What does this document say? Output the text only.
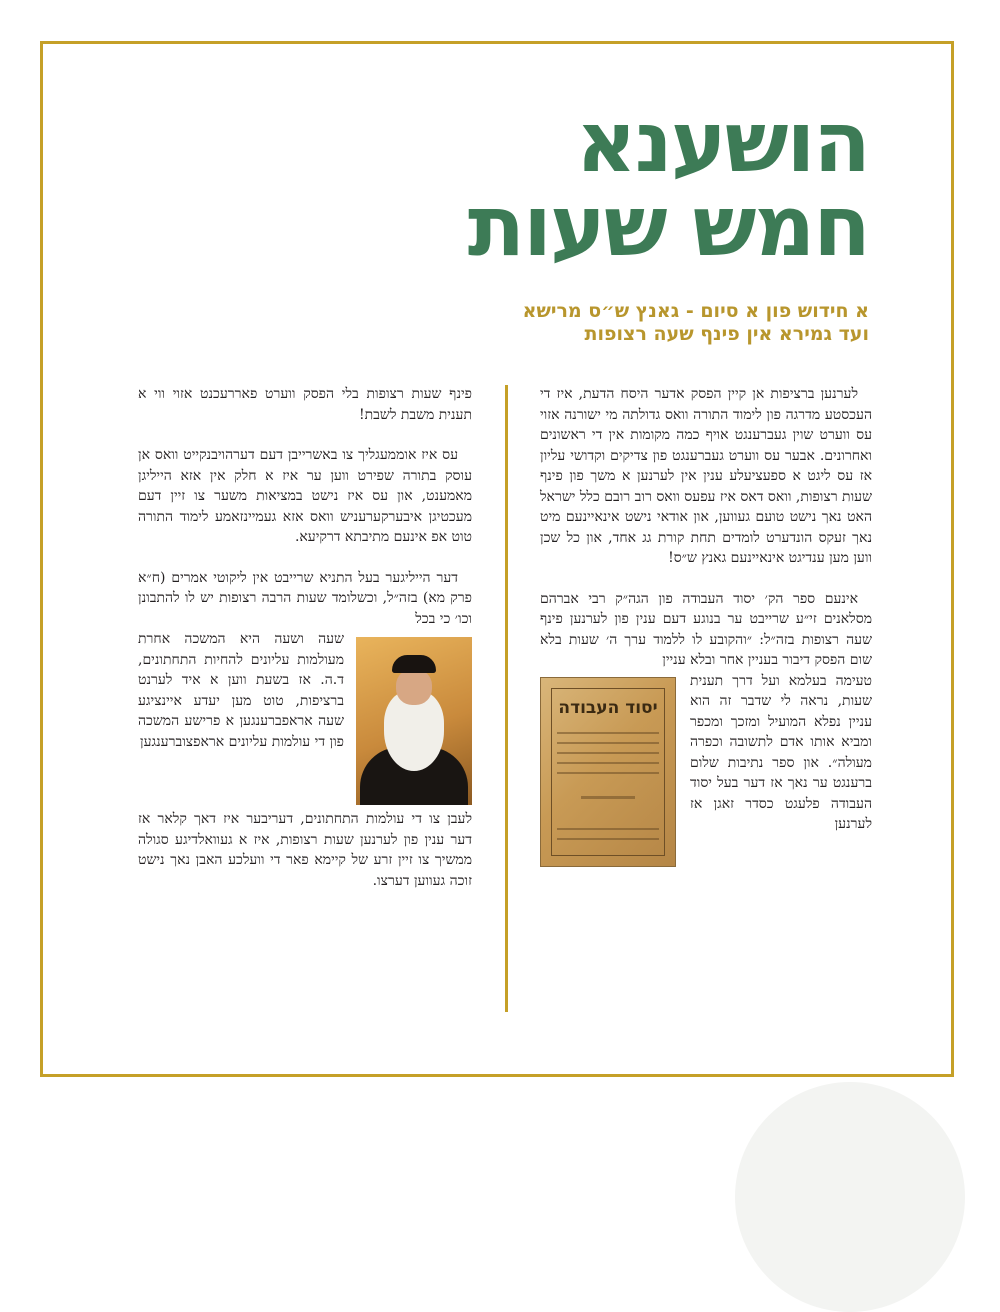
הושענא
חמש שעות
א חידוש פון א סיום - גאנץ ש״ס מרישא
ועד גמירא אין פינף שעה רצופות

לערנען ברציפות אן קיין הפסק אדער היסח הדעת, איז די העכסטע מדרגה פון לימוד התורה וואס גדולתה מי ישורנה אזוי עס ווערט שוין געברענגט אויף כמה מקומות אין די ראשונים ואחרונים. אבער עס ווערט געברענגט פון צדיקים וקדושי עליון אז עס ליגט א ספעציעלע ענין אין לערנען א משך פון פינף שעות רצופות, וואס דאס איז עפעס וואס רוב רובם כלל ישראל האט נאך נישט טועם געווען, און אודאי נישט אינאיינעם מיט נאך זעקס הונדערט לומדים תחת קורת גג אחד, און כל שכן ווען מען ענדיגט אינאיינעם גאנץ ש״ס!

אינעם ספר הק׳ יסוד העבודה פון הגה״ק רבי אברהם מסלאנים זי״ע שרייבט ער בנוגע דעם ענין פון לערנען פינף שעה רצופות בזה״ל: ״והקובע לו ללמוד ערך ה׳ שעות בלא שום הפסק דיבור בעניין אחר ובלא עניין

יסוד העבודה

טעימה בעלמא ועל דרך תענית שעות, נראה לי שדבר זה הוא עניין נפלא המועיל ומזכך ומכפר ומביא אותו אדם לתשובה וכפרה מעולה״. און ספר נתיבות שלום ברענגט ער נאך אז דער בעל יסוד העבודה פלעגט כסדר זאגן אז לערנען

פינף שעות רצופות בלי הפסק ווערט פאררעכנט אזוי ווי א תענית משבת לשבת!

עס איז אוממעגליך צו באשרייבן דעם דערהויבנקייט וואס אן עוסק בתורה שפירט ווען ער איז א חלק אין אזא הייליגן מאמענט, און עס איז נישט במציאות משער צו זיין דעם מעכטיגן איבערקערעניש וואס אזא געמיינזאמע לימוד התורה טוט אפ אינעם מתיבתא דרקיעא.

דער הייליגער בעל התניא שרייבט אין ליקוטי אמרים (ח״א פרק מא) בזה״ל, וכשלומד שעות הרבה רצופות יש לו להתבונן וכו׳ כי בכל

שעה ושעה היא המשכה אחרת מעולמות עליונים להחיות התחתונים, ד.ה. אז בשעת ווען א איד לערנט ברציפות, טוט מען יעדע איינציגע שעה אראפברענגען א פרישע המשכה פון די עולמות עליונים אראפצוברענגען

לעבן צו די עולמות התחתונים, דעריבער איז דאך קלאר אז דער ענין פון לערנען שעות רצופות, איז א געוואלדיגע סגולה ממשיך צו זיין זרע של קיימא פאר די וועלכע האבן נאך נישט זוכה געווען דערצו.
